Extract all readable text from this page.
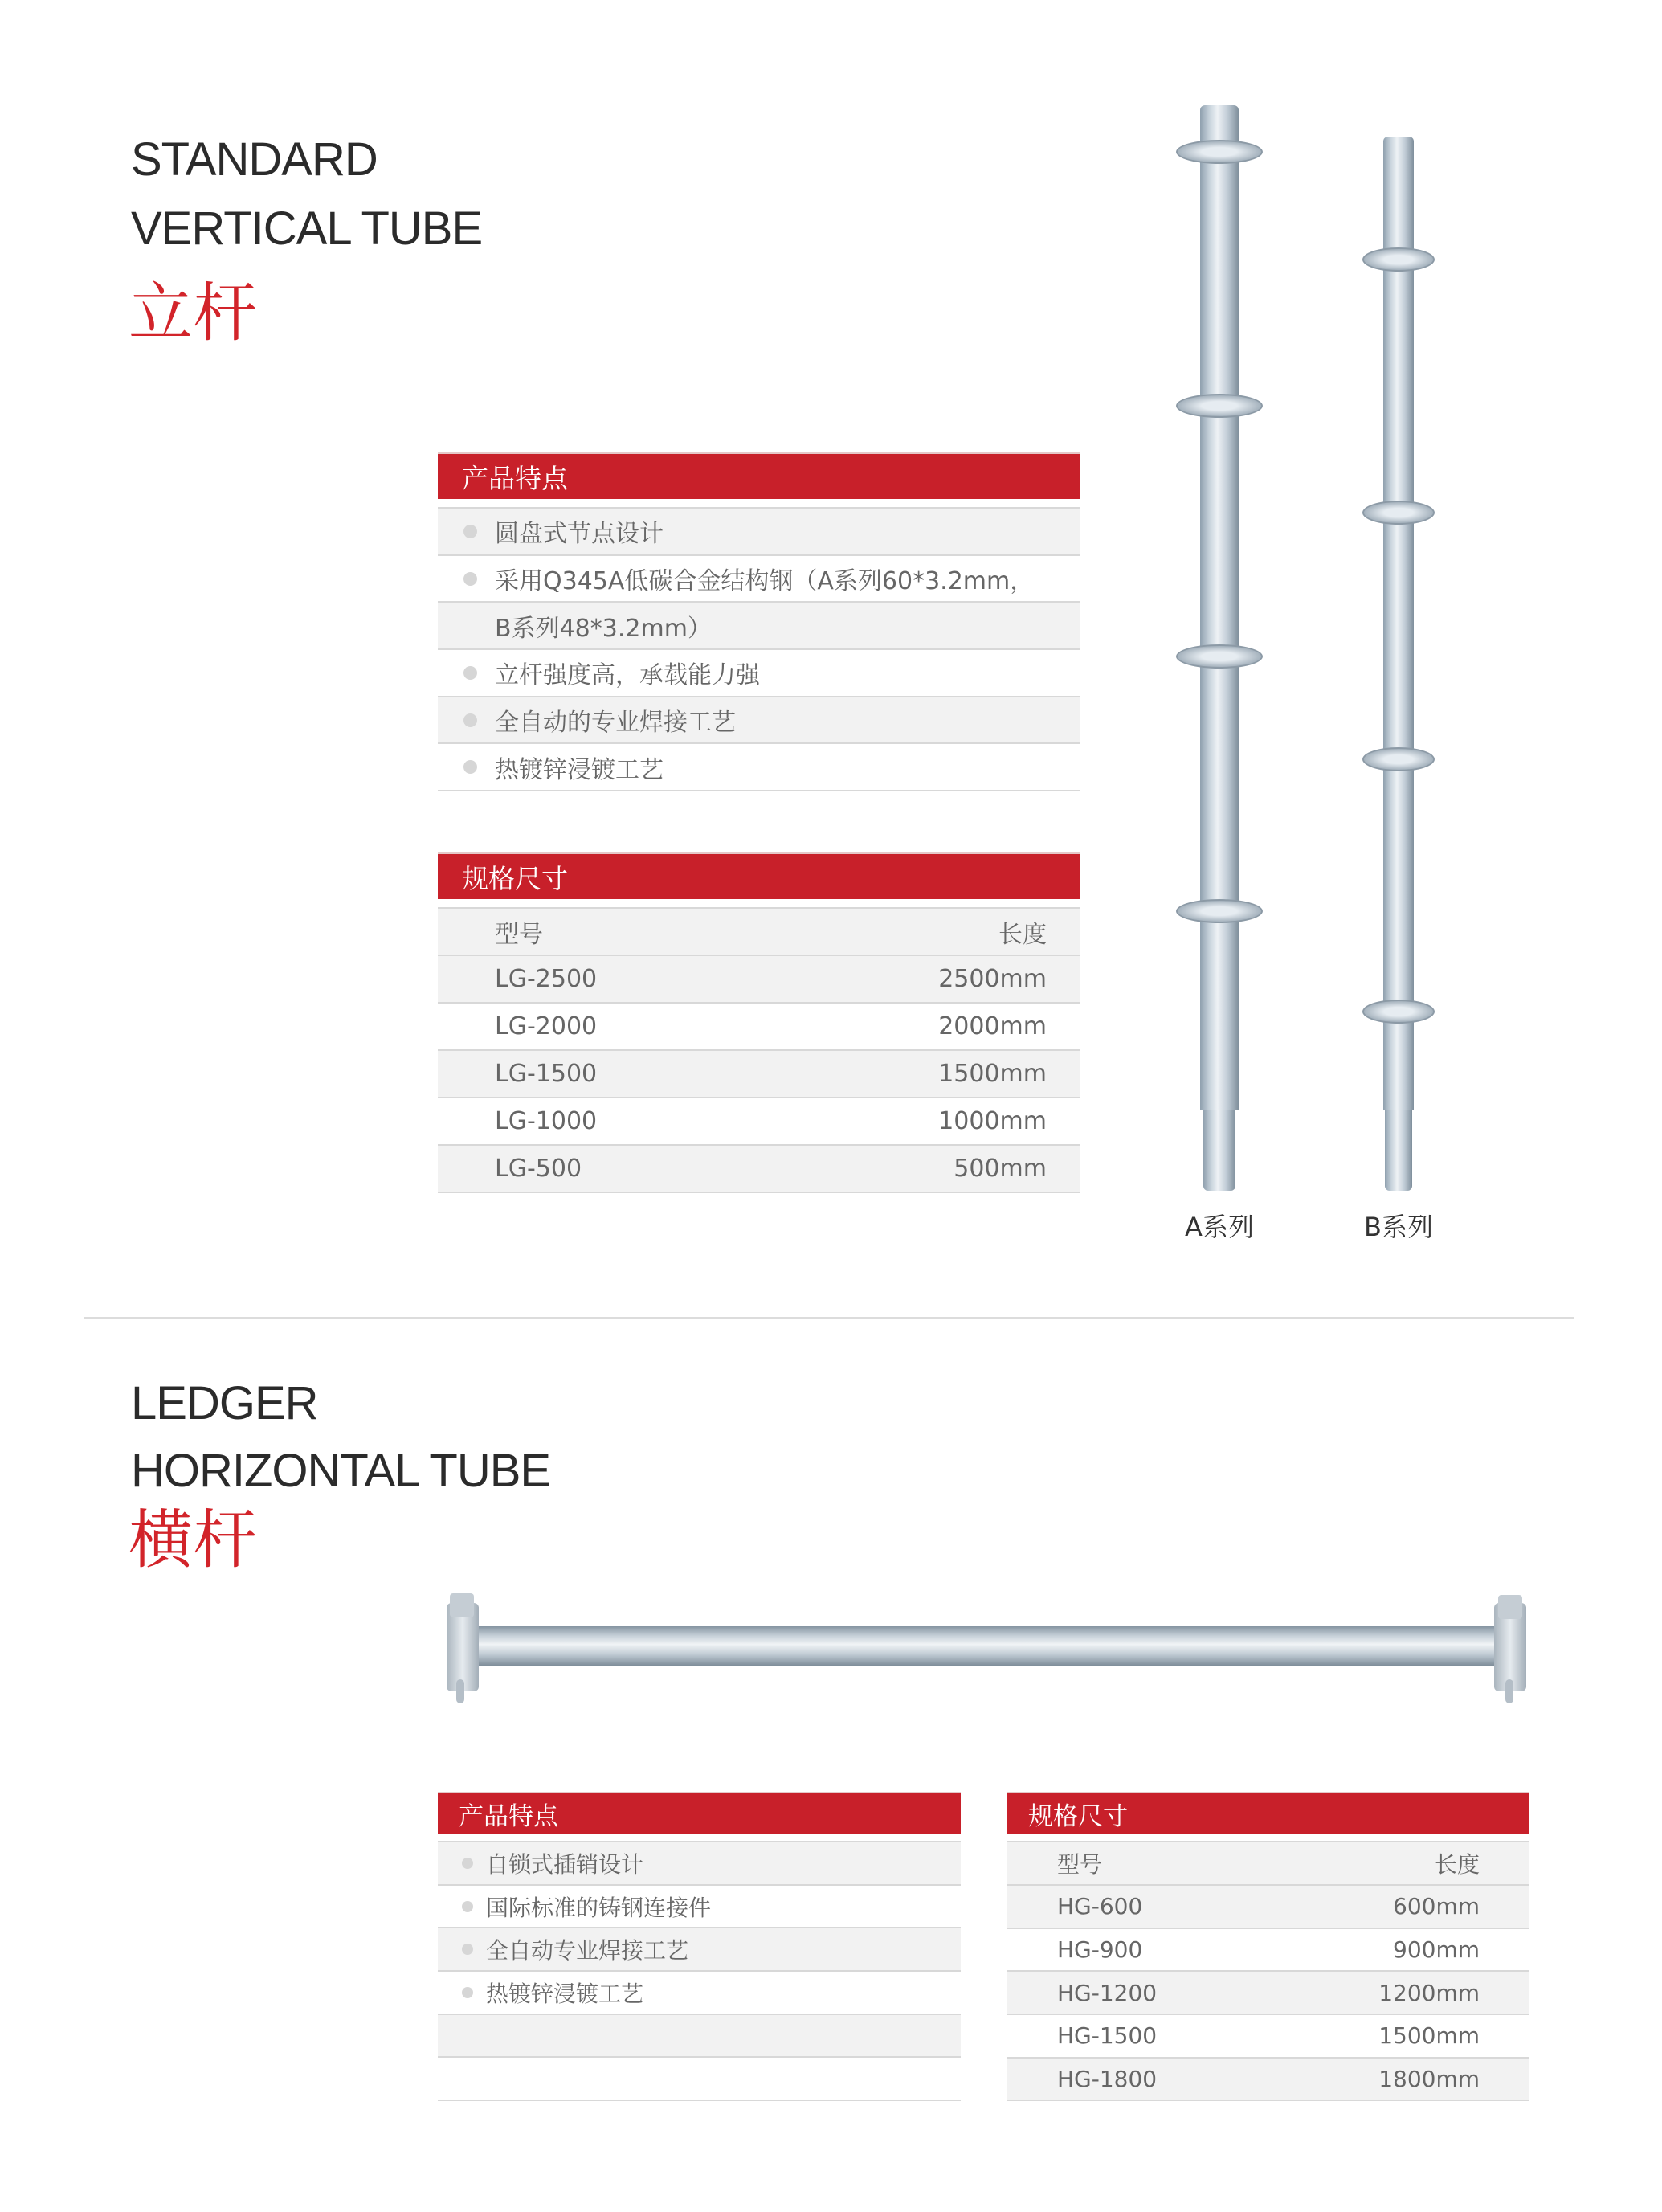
STANDARD
VERTICAL TUBE
立杆
产品特点
圆盘式节点设计
采用Q345A低碳合金结构钢（A系列60*3.2mm，
B系列48*3.2mm）
立杆强度高，承载能力强
全自动的专业焊接工艺
热镀锌浸镀工艺
规格尺寸
型号	长度
LG-2500	2500mm
LG-2000	2000mm
LG-1500	1500mm
LG-1000	1000mm
LG-500	500mm
A系列	B系列
LEDGER
HORIZONTAL TUBE
横杆
产品特点
自锁式插销设计
国际标准的铸钢连接件
全自动专业焊接工艺
热镀锌浸镀工艺
规格尺寸
型号	长度
HG-600	600mm
HG-900	900mm
HG-1200	1200mm
HG-1500	1500mm
HG-1800	1800mm
